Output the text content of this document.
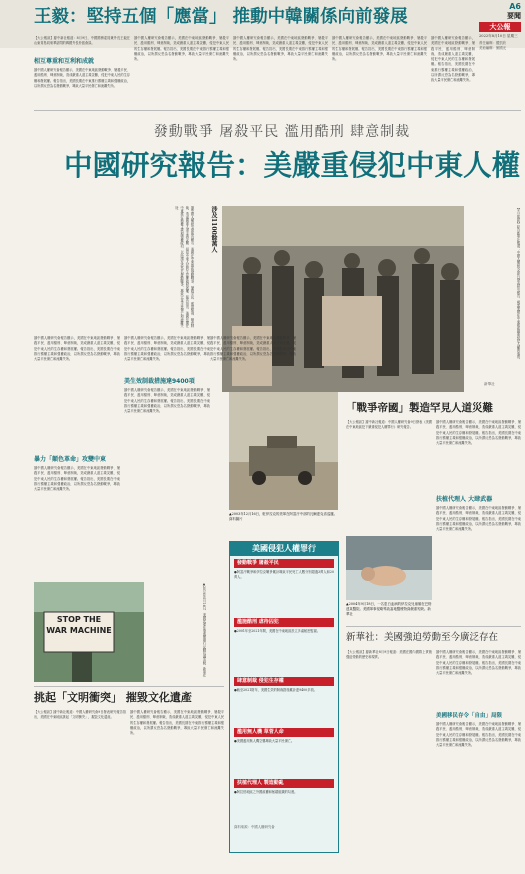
王毅：堅持五個「應當」 推動中韓關係向前發展
A6
要聞
大公報
2022年8月10日 星期三
責任編輯：羅凱欣
美術編輯：劉國光
【大公報訊】據中新社報道：8月9日，中國國務委員兼外長王毅在山東青島同來華訪問的韓國外長朴振會談。
相互尊重和互利和成就
據中國人權研究會報告顯示，美國在中東地區發動戰爭、屠殺平民、濫用酷刑、肆意制裁，造成嚴重人道主義災難，侵犯中東人民的生存權和發展權。報告指出，美國長期在中東推行霸權主義和強權政治，以所謂反恐為名發動戰爭，導致大量平民傷亡和流離失所。
據中國人權研究會報告顯示，美國在中東地區發動戰爭、屠殺平民、濫用酷刑、肆意制裁，造成嚴重人道主義災難，侵犯中東人民的生存權和發展權。報告指出，美國長期在中東推行霸權主義和強權政治，以所謂反恐為名發動戰爭，導致大量平民傷亡和流離失所。
據中國人權研究會報告顯示，美國在中東地區發動戰爭、屠殺平民、濫用酷刑、肆意制裁，造成嚴重人道主義災難，侵犯中東人民的生存權和發展權。報告指出，美國長期在中東推行霸權主義和強權政治，以所謂反恐為名發動戰爭，導致大量平民傷亡和流離失所。
據中國人權研究會報告顯示，美國在中東地區發動戰爭、屠殺平民、濫用酷刑、肆意制裁，造成嚴重人道主義災難，侵犯中東人民的生存權和發展權。報告指出，美國長期在中東推行霸權主義和強權政治，以所謂反恐為名發動戰爭，導致大量平民傷亡和流離失所。
據中國人權研究會報告顯示，美國在中東地區發動戰爭、屠殺平民、濫用酷刑、肆意制裁，造成嚴重人道主義災難，侵犯中東人民的生存權和發展權。報告指出，美國長期在中東推行霸權主義和強權政治，以所謂反恐為名發動戰爭，導致大量平民傷亡和流離失所。
發動戰爭 屠殺平民 濫用酷刑 肆意制裁
中國研究報告：美嚴重侵犯中東人權
據中國人權研究會報告顯示，美國在中東地區發動戰爭、屠殺平民、濫用酷刑、肆意制裁，造成嚴重人道主義災難，侵犯中東人民的生存權和發展權。報告指出，美國長期在中東推行霸權主義和強權政治，以所謂反恐為名發動戰爭，導致大量平民傷亡和流離失所。	涉及1100餘萬人	【大公報訊】綜合新華社報道：中國人權研究會9日發表研究報告，揭露美國在中東地區嚴重侵犯人權的事實。
新華社
據中國人權研究會報告顯示，美國在中東地區發動戰爭、屠殺平民、濫用酷刑、肆意制裁，造成嚴重人道主義災難，侵犯中東人民的生存權和發展權。報告指出，美國長期在中東推行霸權主義和強權政治，以所謂反恐為名發動戰爭，導致大量平民傷亡和流離失所。
暴力「顛色革命」攻變中東
據中國人權研究會報告顯示，美國在中東地區發動戰爭、屠殺平民、濫用酷刑、肆意制裁，造成嚴重人道主義災難，侵犯中東人民的生存權和發展權。報告指出，美國長期在中東推行霸權主義和強權政治，以所謂反恐為名發動戰爭，導致大量平民傷亡和流離失所。
據中國人權研究會報告顯示，美國在中東地區發動戰爭、屠殺平民、濫用酷刑、肆意制裁，造成嚴重人道主義災難，侵犯中東人民的生存權和發展權。報告指出，美國長期在中東推行霸權主義和強權政治，以所謂反恐為名發動戰爭，導致大量平民傷亡和流離失所。
美生效制裁措施達9400項
據中國人權研究會報告顯示，美國在中東地區發動戰爭、屠殺平民、濫用酷刑、肆意制裁，造成嚴重人道主義災難，侵犯中東人民的生存權和發展權。報告指出，美國長期在中東推行霸權主義和強權政治，以所謂反恐為名發動戰爭，導致大量平民傷亡和流離失所。
STOP THE WAR MACHINE	▲2019年5月16日，美國民眾在華盛頓舉行反戰抗議活動。新華社
據中國人權研究會報告顯示，美國在中東地區發動戰爭、屠殺平民、濫用酷刑、肆意制裁，造成嚴重人道主義災難，侵犯中東人民的生存權和發展權。報告指出，美國長期在中東推行霸權主義和強權政治，以所謂反恐為名發動戰爭，導致大量平民傷亡和流離失所。
▲2003年12月16日，駐伊拉克的美軍在阿富汗中部的瓦爾達克省巡邏。資料圖片
美國侵犯人權罪行
發動戰爭 屠殺平民
●阿富汗戰爭和伊拉克戰爭累計導致平民死亡人數分別超過3萬人和20萬人。
濫施酷刑 虐待囚犯
●2001年至2021年間，美國在中東地區設立多處秘密監獄。
肆意制裁 侵犯生存權
●截至2021財年，美國生效的制裁措施累計達9400多項。
濫用無人機 草菅人命
●美國濫用無人機空襲導致大量平民傷亡。
扶植代理人 製造動亂
●阿拉伯地區之外國政權和極端組織的勾連。
資料來源：中國人權研究會
「戰爭帝國」製造罕見人道災難
【大公報訊】據中新社報道：中國人權研究會9日發表《美國在中東地區犯下嚴重侵犯人權罪行》研究報告。
據中國人權研究會報告顯示，美國在中東地區發動戰爭、屠殺平民、濫用酷刑、肆意制裁，造成嚴重人道主義災難，侵犯中東人民的生存權和發展權。報告指出，美國長期在中東推行霸權主義和強權政治，以所謂反恐為名發動戰爭，導致大量平民傷亡和流離失所。
扶植代理人 大肆武器
據中國人權研究會報告顯示，美國在中東地區發動戰爭、屠殺平民、濫用酷刑、肆意制裁，造成嚴重人道主義災難，侵犯中東人民的生存權和發展權。報告指出，美國長期在中東推行霸權主義和強權政治，以所謂反恐為名發動戰爭，導致大量平民傷亡和流離失所。
▲2004年9月18日，一名患白血病的伊拉克兒童躺在巴格達某醫院。美國軍事侵略導致當地醫療物資嚴重短缺。新華社
新華社：美國強迫勞動至今廣泛存在
【大公報訊】據新華社8月9日報道：美國在國內國際上實施強迫勞動的歷史和現實。
據中國人權研究會報告顯示，美國在中東地區發動戰爭、屠殺平民、濫用酷刑、肆意制裁，造成嚴重人道主義災難，侵犯中東人民的生存權和發展權。報告指出，美國長期在中東推行霸權主義和強權政治，以所謂反恐為名發動戰爭，導致大量平民傷亡和流離失所。
美國移民存令「自由」局限
據中國人權研究會報告顯示，美國在中東地區發動戰爭、屠殺平民、濫用酷刑、肆意制裁，造成嚴重人道主義災難，侵犯中東人民的生存權和發展權。報告指出，美國長期在中東推行霸權主義和強權政治，以所謂反恐為名發動戰爭，導致大量平民傷亡和流離失所。
挑起「文明衝突」 摧毀文化遺產
【大公報訊】據中新社報道：中國人權研究會9日發表研究報告指出，美國在中東地區挑起「文明衝突」，摧毀文化遺產。
據中國人權研究會報告顯示，美國在中東地區發動戰爭、屠殺平民、濫用酷刑、肆意制裁，造成嚴重人道主義災難，侵犯中東人民的生存權和發展權。報告指出，美國長期在中東推行霸權主義和強權政治，以所謂反恐為名發動戰爭，導致大量平民傷亡和流離失所。
